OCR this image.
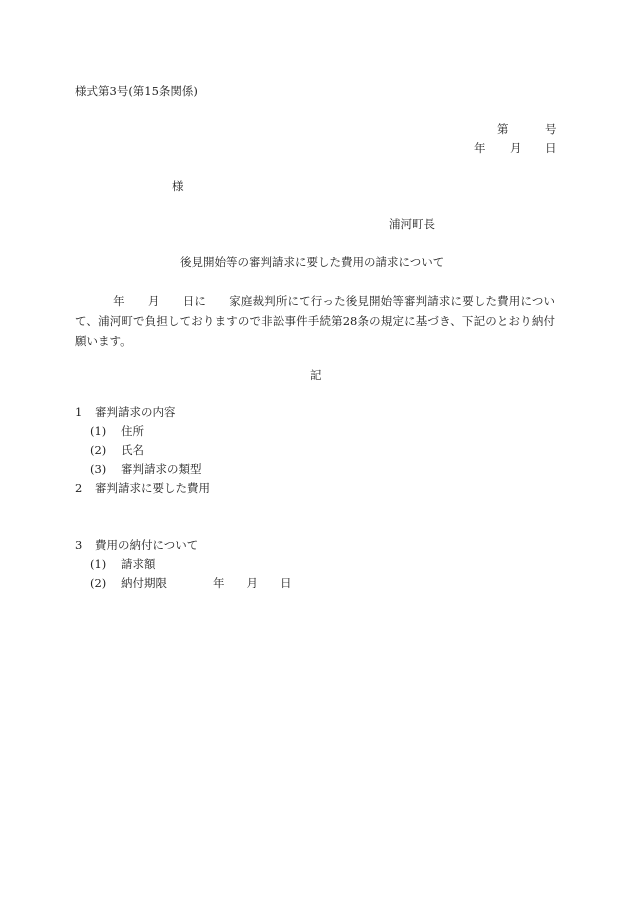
様式第3号(第15条関係)
第	号
年 月 日
様
浦河町長
後見開始等の審判請求に要した費用の請求について
年 月 日に 家庭裁判所にて行った後見開始等審判請求に要した費用について、浦河町で負担しておりますので非訟事件手続第28条の規定に基づき、下記のとおり納付願います。
記
1 審判請求の内容
(1) 住所
(2) 氏名
(3) 審判請求の類型
2 審判請求に要した費用
3 費用の納付について
(1) 請求額
(2) 納付期限	年 月 日
